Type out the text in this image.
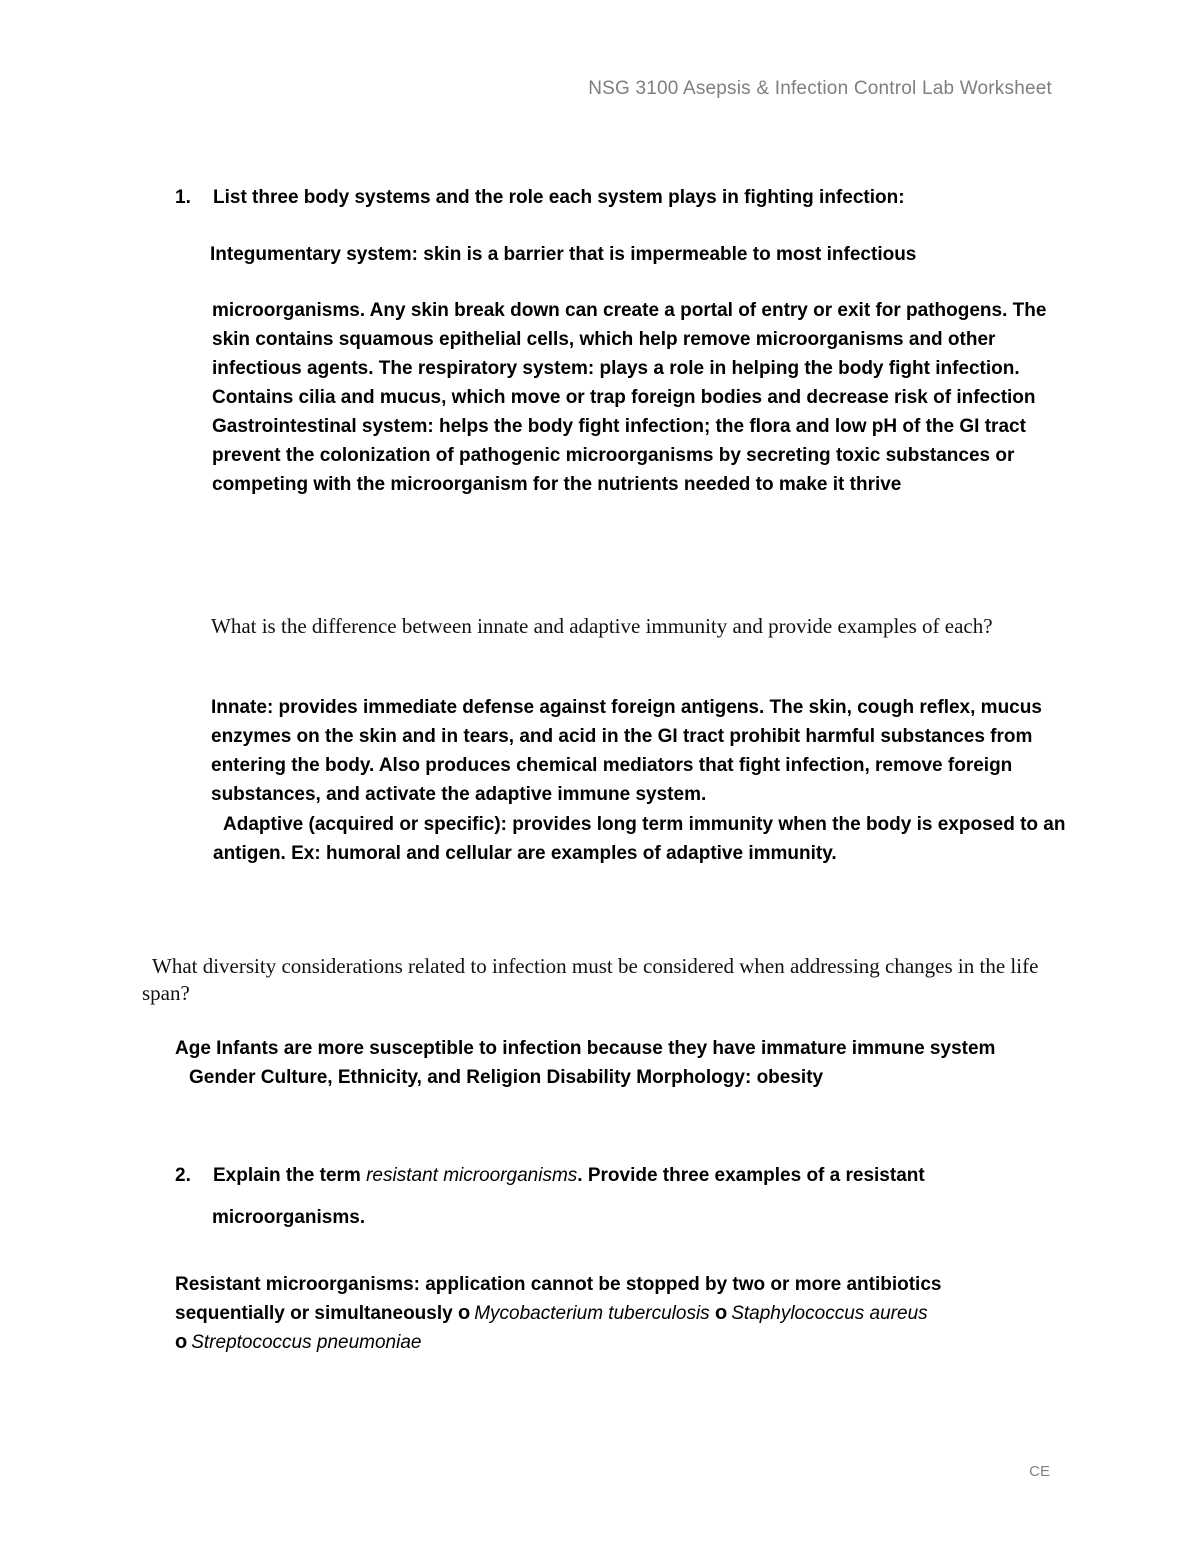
NSG 3100 Asepsis & Infection Control Lab Worksheet
1. List three body systems and the role each system plays in fighting infection:
Integumentary system: skin is a barrier that is impermeable to most infectious
microorganisms. Any skin break down can create a portal of entry or exit for pathogens. The skin contains squamous epithelial cells, which help remove microorganisms and other infectious agents. The respiratory system: plays a role in helping the body fight infection. Contains cilia and mucus, which move or trap foreign bodies and decrease risk of infection Gastrointestinal system: helps the body fight infection; the flora and low pH of the GI tract prevent the colonization of pathogenic microorganisms by secreting toxic substances or competing with the microorganism for the nutrients needed to make it thrive
What is the difference between innate and adaptive immunity and provide examples of each?
Innate: provides immediate defense against foreign antigens. The skin, cough reflex, mucus enzymes on the skin and in tears, and acid in the GI tract prohibit harmful substances from entering the body. Also produces chemical mediators that fight infection, remove foreign substances, and activate the adaptive immune system.
Adaptive (acquired or specific): provides long term immunity when the body is exposed to an antigen. Ex: humoral and cellular are examples of adaptive immunity.
What diversity considerations related to infection must be considered when addressing changes in the life span?
Age Infants are more susceptible to infection because they have immature immune system
Gender Culture, Ethnicity, and Religion Disability Morphology: obesity
2. Explain the term resistant microorganisms. Provide three examples of a resistant
microorganisms.
Resistant microorganisms: application cannot be stopped by two or more antibiotics sequentially or simultaneously o Mycobacterium tuberculosis o Staphylococcus aureus
o Streptococcus pneumoniae
CE
